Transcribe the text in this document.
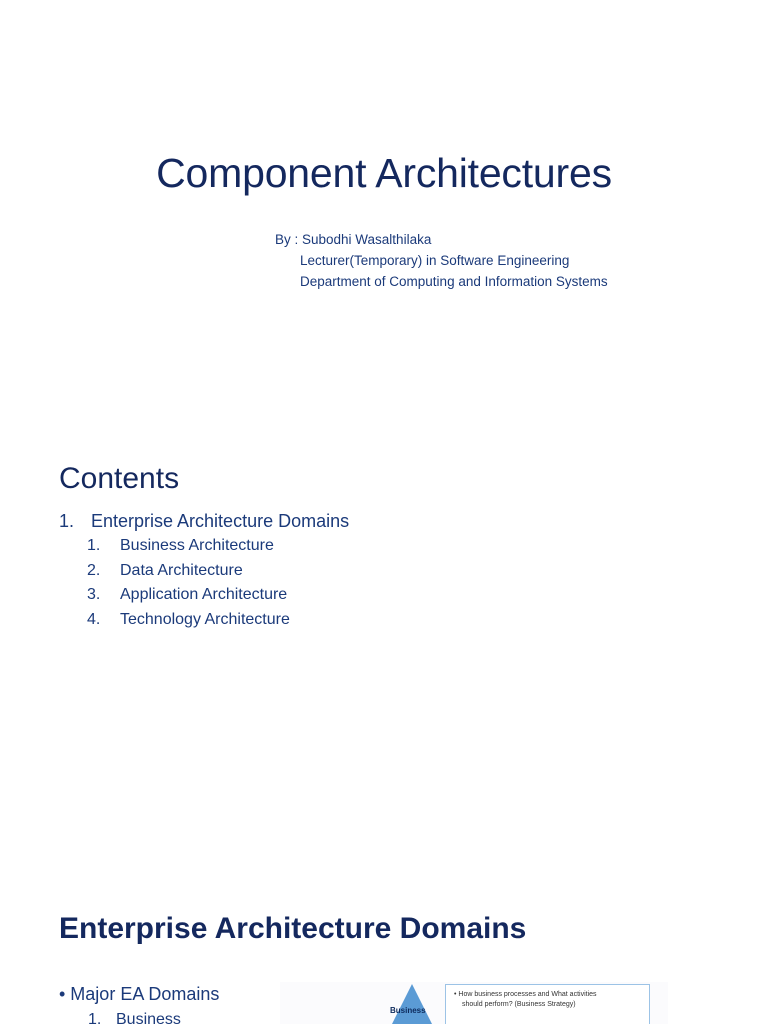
Component Architectures
By : Subodhi Wasalthilaka
Lecturer(Temporary) in Software Engineering
Department of Computing and Information Systems
Contents
1. Enterprise Architecture Domains
1.	Business Architecture
2.	Data Architecture
3.	Application Architecture
4.	Technology Architecture
Enterprise Architecture Domains
• Major EA Domains
1. Business
Business
• How business processes and What activities
should perform? (Business Strategy)
